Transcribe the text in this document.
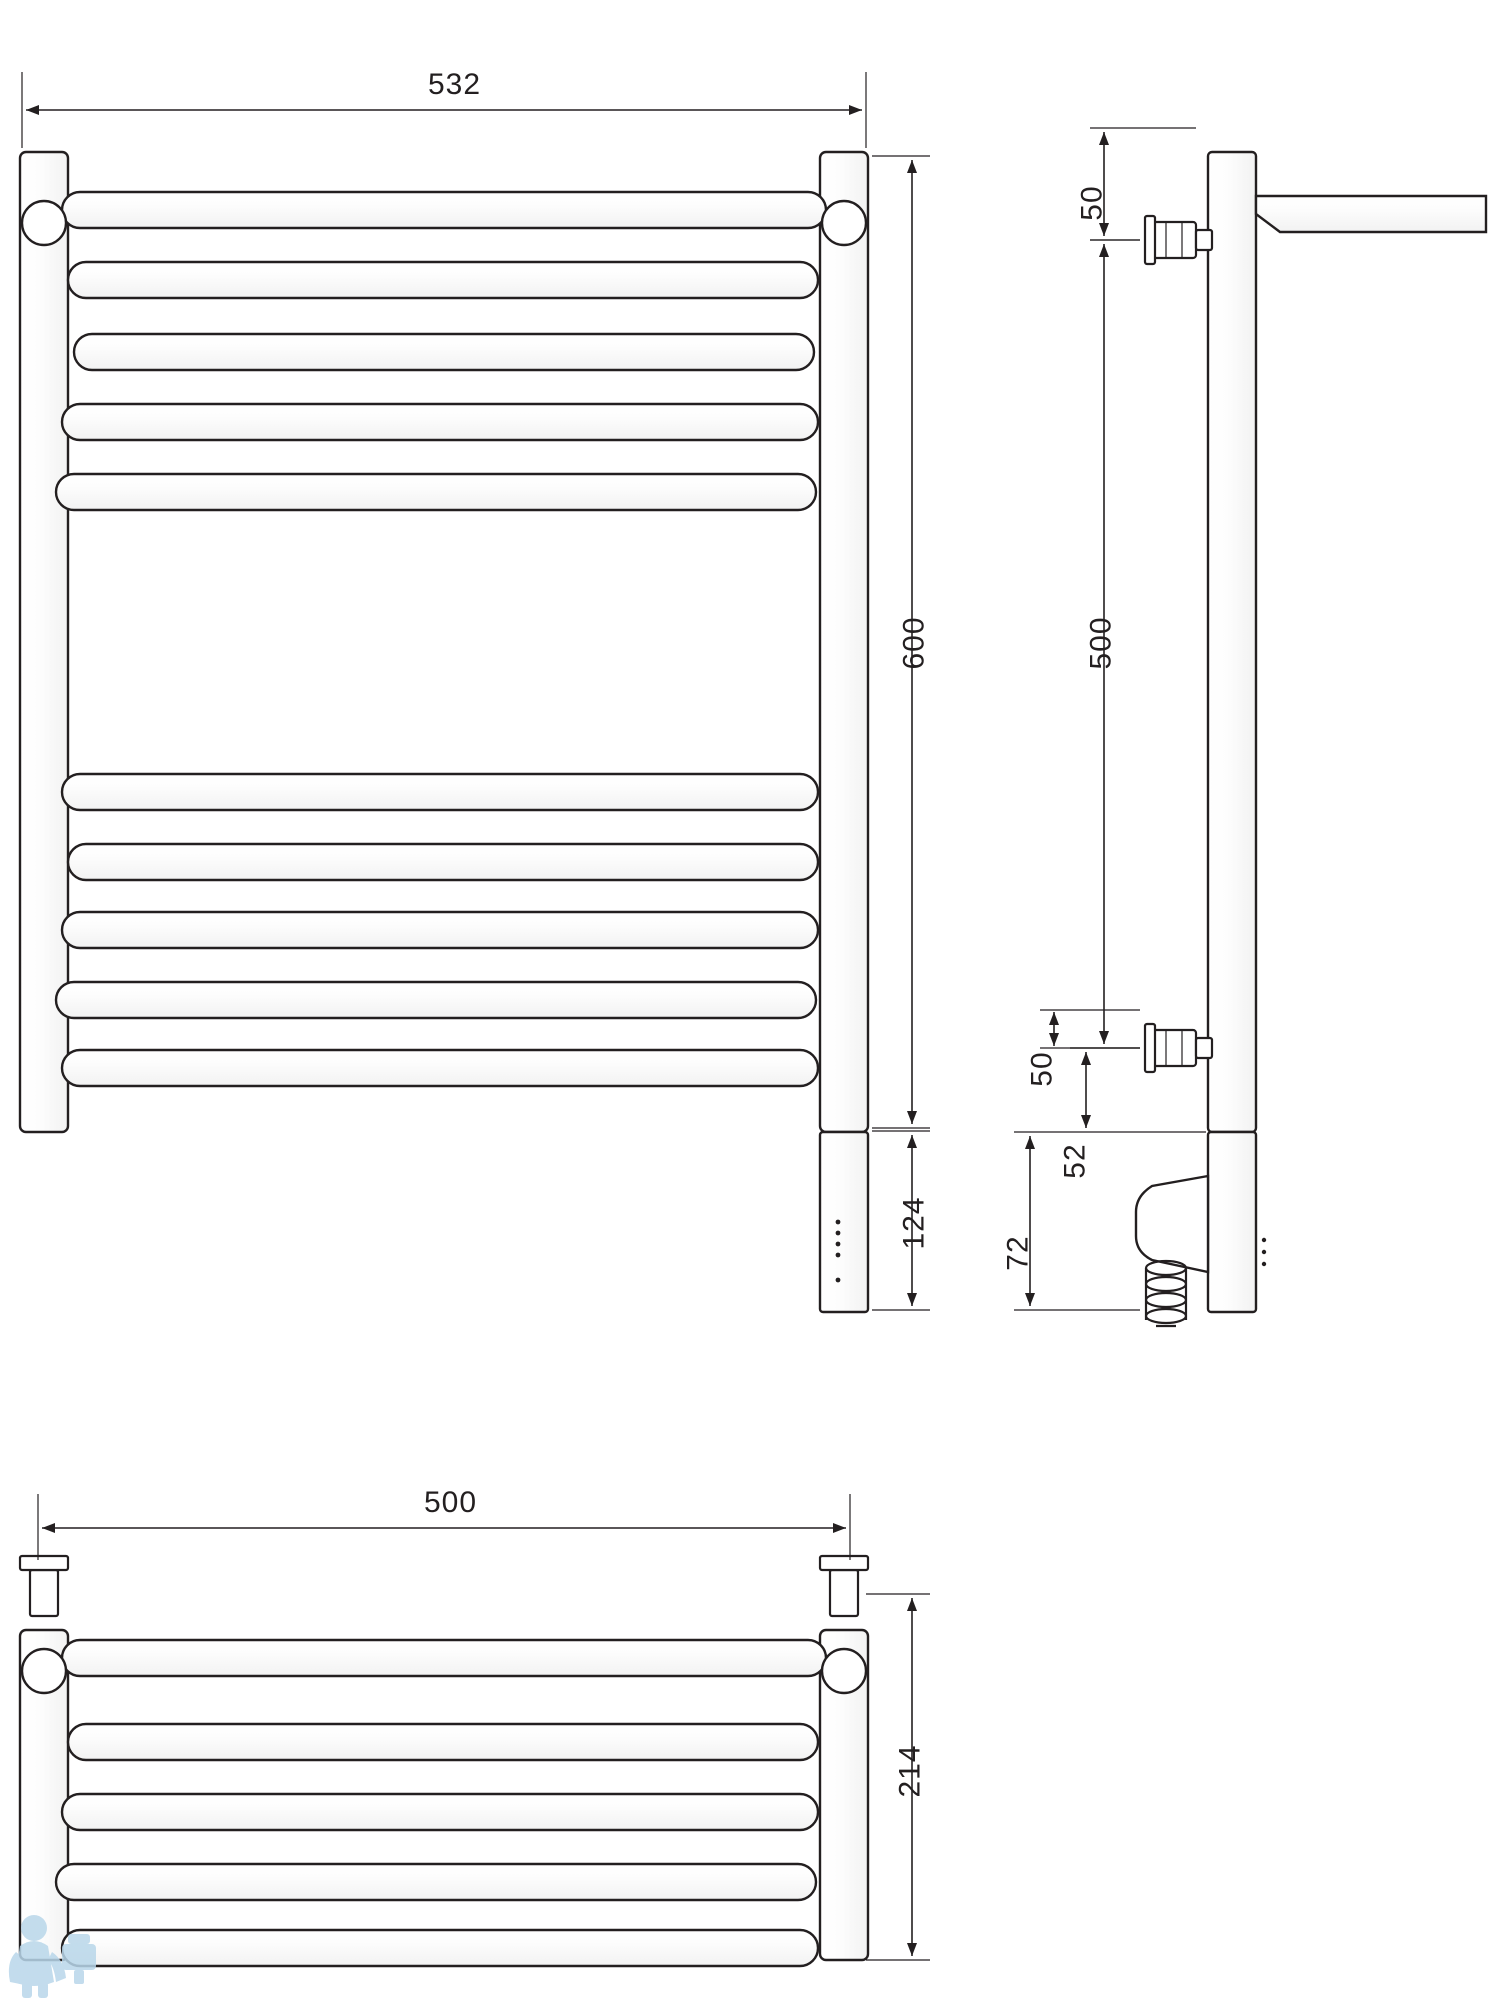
532
600
124
50
500
50
52
72
500
214
